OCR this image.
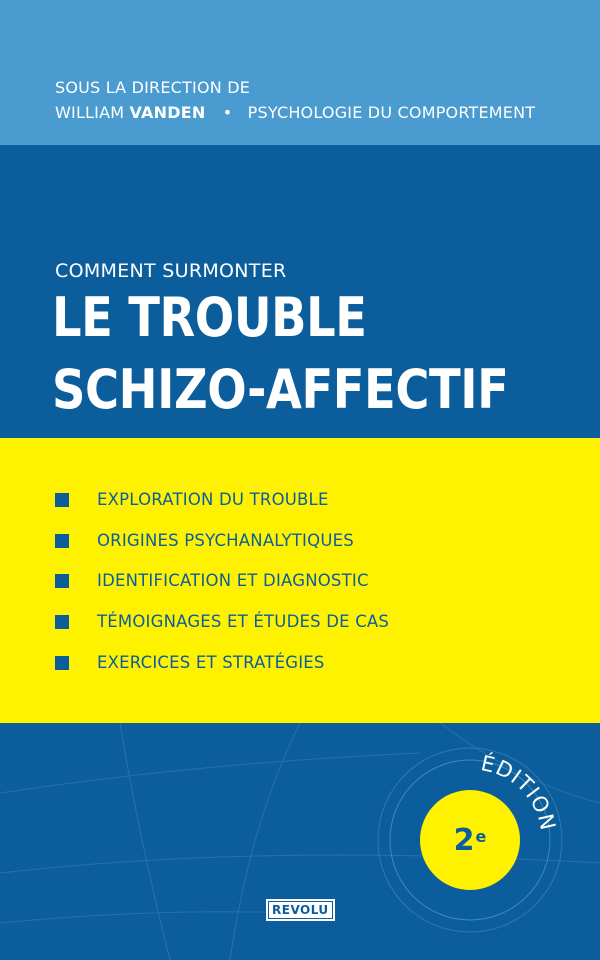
SOUS LA DIRECTION DE
WILLIAM VANDEN • PSYCHOLOGIE DU COMPORTEMENT
COMMENT SURMONTER
LE TROUBLE
SCHIZO-AFFECTIF
EXPLORATION DU TROUBLE
ORIGINES PSYCHANALYTIQUES
IDENTIFICATION ET DIAGNOSTIC
TÉMOIGNAGES ET ÉTUDES DE CAS
EXERCICES ET STRATÉGIES
ÉDITION
2e
REVOLU
